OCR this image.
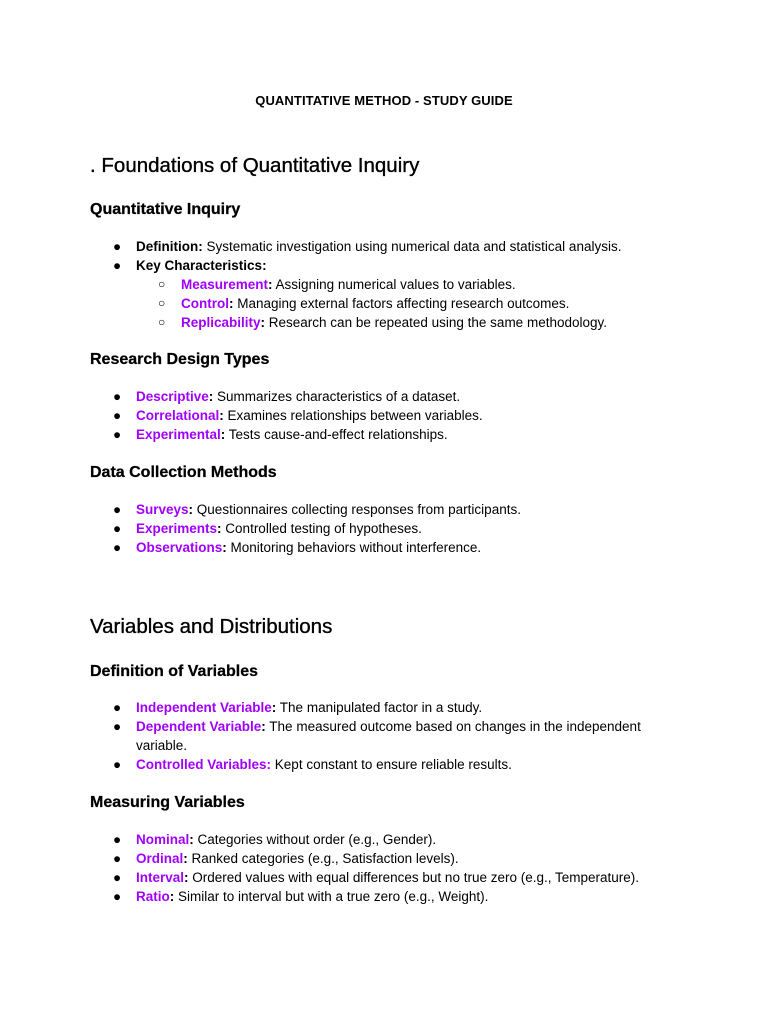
QUANTITATIVE METHOD - STUDY GUIDE
. Foundations of Quantitative Inquiry
Quantitative Inquiry
● Definition: Systematic investigation using numerical data and statistical analysis.
● Key Characteristics:
○ Measurement: Assigning numerical values to variables.
○ Control: Managing external factors affecting research outcomes.
○ Replicability: Research can be repeated using the same methodology.
Research Design Types
● Descriptive: Summarizes characteristics of a dataset.
● Correlational: Examines relationships between variables.
● Experimental: Tests cause-and-effect relationships.
Data Collection Methods
● Surveys: Questionnaires collecting responses from participants.
● Experiments: Controlled testing of hypotheses.
● Observations: Monitoring behaviors without interference.
Variables and Distributions
Definition of Variables
● Independent Variable: The manipulated factor in a study.
● Dependent Variable: The measured outcome based on changes in the independent variable.
● Controlled Variables: Kept constant to ensure reliable results.
Measuring Variables
● Nominal: Categories without order (e.g., Gender).
● Ordinal: Ranked categories (e.g., Satisfaction levels).
● Interval: Ordered values with equal differences but no true zero (e.g., Temperature).
● Ratio: Similar to interval but with a true zero (e.g., Weight).
